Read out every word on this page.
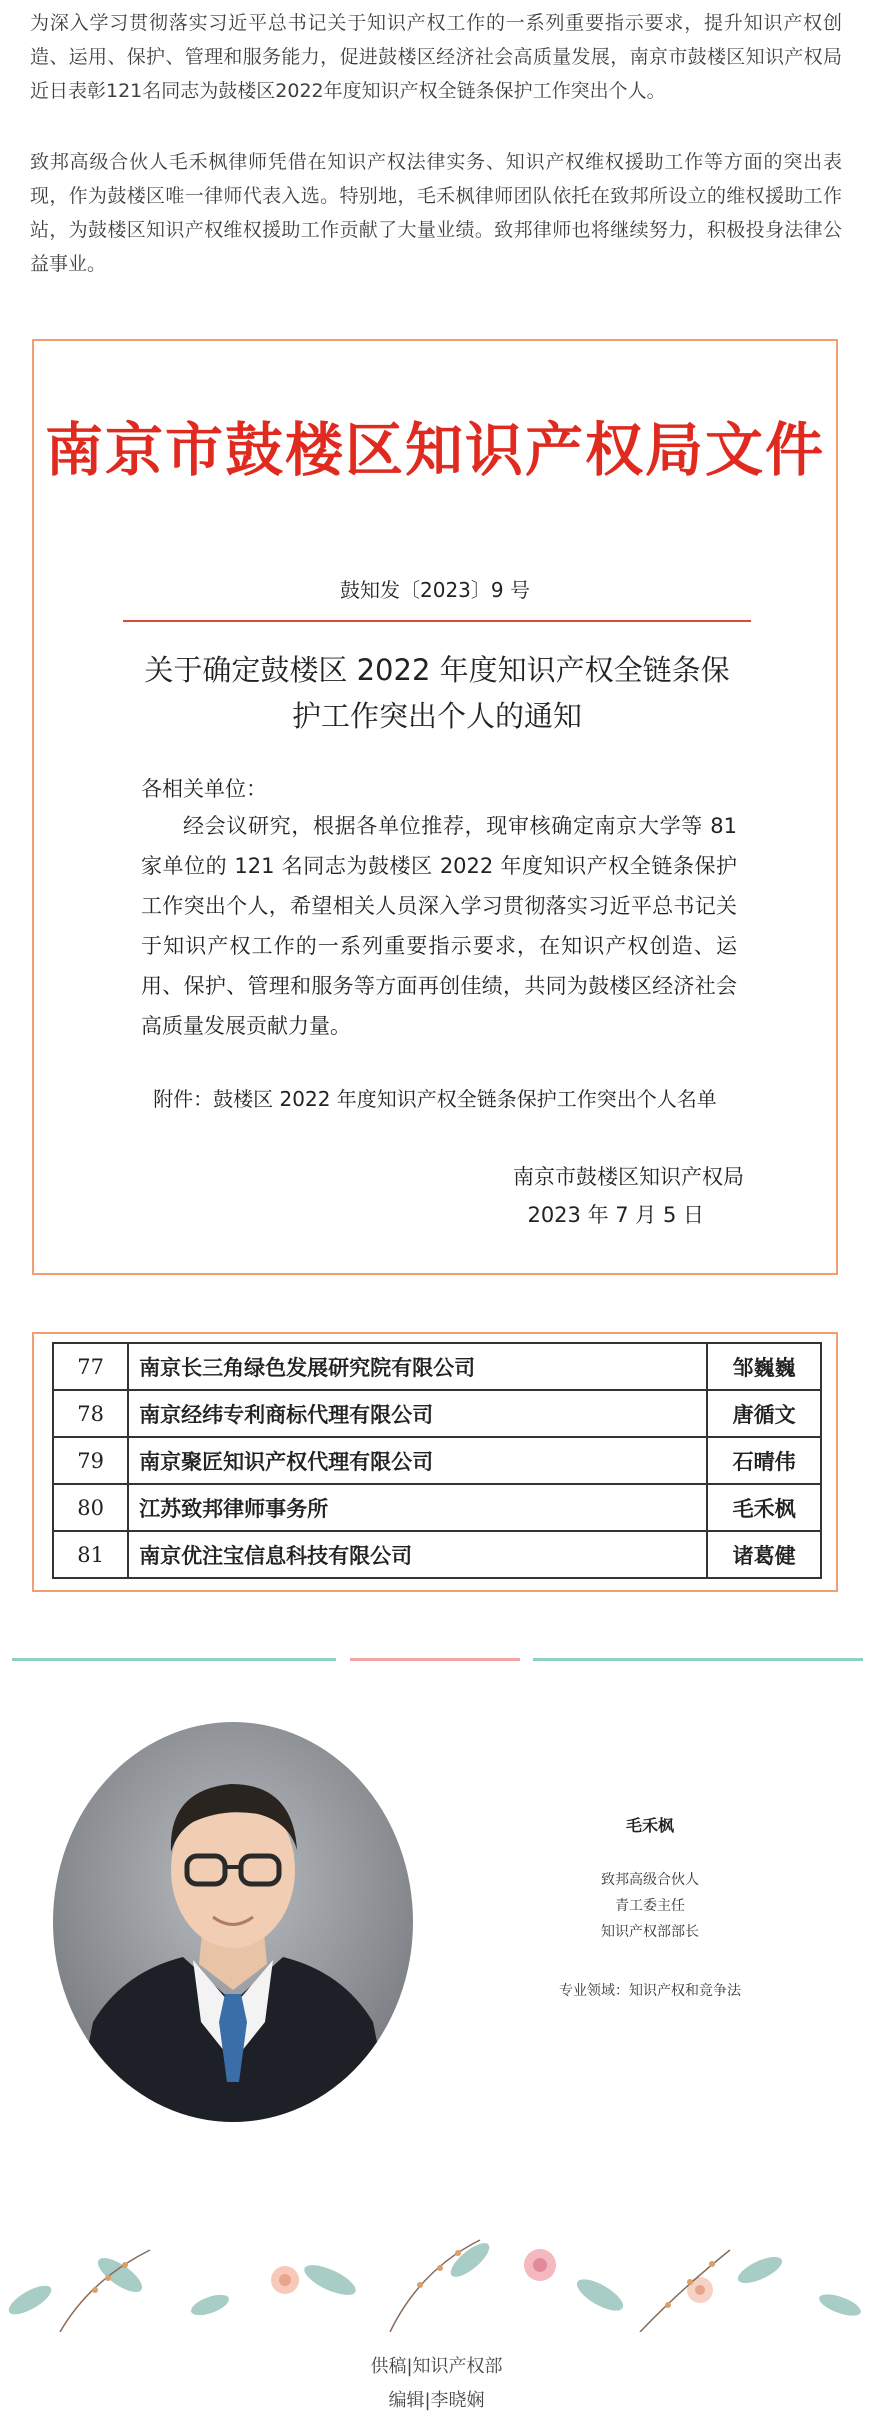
为深入学习贯彻落实习近平总书记关于知识产权工作的一系列重要指示要求，提升知识产权创造、运用、保护、管理和服务能力，促进鼓楼区经济社会高质量发展，南京市鼓楼区知识产权局近日表彰121名同志为鼓楼区2022年度知识产权全链条保护工作突出个人。

致邦高级合伙人毛禾枫律师凭借在知识产权法律实务、知识产权维权援助工作等方面的突出表现，作为鼓楼区唯一律师代表入选。特别地，毛禾枫律师团队依托在致邦所设立的维权援助工作站，为鼓楼区知识产权维权援助工作贡献了大量业绩。致邦律师也将继续努力，积极投身法律公益事业。

南京市鼓楼区知识产权局文件
鼓知发〔2023〕9 号
关于确定鼓楼区 2022 年度知识产权全链条保护工作突出个人的通知
各相关单位：

经会议研究，根据各单位推荐，现审核确定南京大学等 81 家单位的 121 名同志为鼓楼区 2022 年度知识产权全链条保护工作突出个人，希望相关人员深入学习贯彻落实习近平总书记关于知识产权工作的一系列重要指示要求，在知识产权创造、运用、保护、管理和服务等方面再创佳绩，共同为鼓楼区经济社会高质量发展贡献力量。

附件：鼓楼区 2022 年度知识产权全链条保护工作突出个人名单
南京市鼓楼区知识产权局
2023 年 7 月 5 日
77	南京长三角绿色发展研究院有限公司	邹巍巍
78	南京经纬专利商标代理有限公司	唐循文
79	南京聚匠知识产权代理有限公司	石晴伟
80	江苏致邦律师事务所	毛禾枫
81	南京优注宝信息科技有限公司	诸葛健
毛禾枫
致邦高级合伙人
青工委主任
知识产权部部长
专业领域：知识产权和竞争法
供稿|知识产权部
编辑|李晓娴
